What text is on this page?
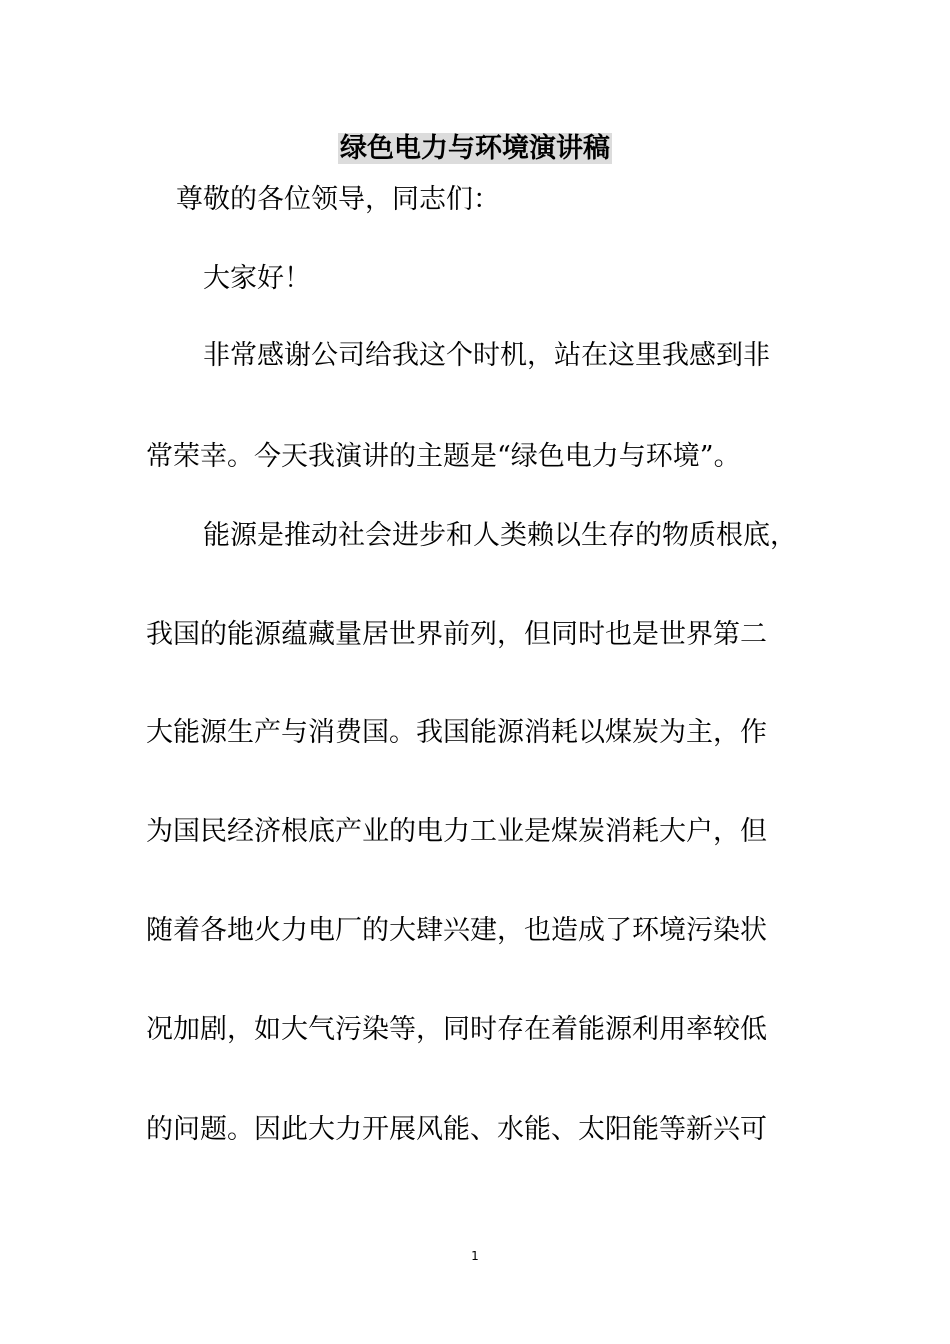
绿色电力与环境演讲稿
尊敬的各位领导，同志们：
大家好！
非常感谢公司给我这个时机，站在这里我感到非
常荣幸。今天我演讲的主题是“绿色电力与环境”。
能源是推动社会进步和人类赖以生存的物质根底，
我国的能源蕴藏量居世界前列，但同时也是世界第二
大能源生产与消费国。我国能源消耗以煤炭为主，作
为国民经济根底产业的电力工业是煤炭消耗大户，但
随着各地火力电厂的大肆兴建，也造成了环境污染状
况加剧，如大气污染等，同时存在着能源利用率较低
的问题。因此大力开展风能、水能、太阳能等新兴可
1
